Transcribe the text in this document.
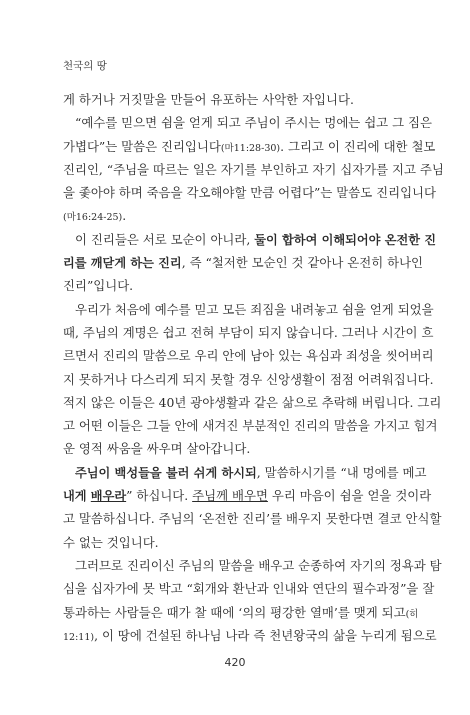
천국의 땅
게 하거나 거짓말을 만들어 유포하는 사악한 자입니다.
“예수를 믿으면 쉼을 얻게 되고 주님이 주시는 멍에는 쉽고 그 짐은
가볍다”는 말씀은 진리입니다(마11:28-30). 그리고 이 진리에 대한 철모
진리인, “주님을 따르는 일은 자기를 부인하고 자기 십자가를 지고 주님
을 좇아야 하며 죽음을 각오해야할 만큼 어렵다”는 말씀도 진리입니다
(마16:24-25).
이 진리들은 서로 모순이 아니라, 둘이 합하여 이해되어야 온전한 진
리를 깨닫게 하는 진리, 즉 “철저한 모순인 것 같아나 온전히 하나인
진리”입니다.
우리가 처음에 예수를 믿고 모든 죄짐을 내려놓고 쉼을 얻게 되었을
때, 주님의 계명은 쉽고 전혀 부담이 되지 않습니다. 그러나 시간이 흐
르면서 진리의 말씀으로 우리 안에 남아 있는 욕심과 죄성을 씻어버리
지 못하거나 다스리게 되지 못할 경우 신앙생활이 점점 어려워집니다.
적지 않은 이들은 40년 광야생활과 같은 삶으로 추락해 버립니다. 그리
고 어떤 이들은 그들 안에 새겨진 부분적인 진리의 말씀을 가지고 힘겨
운 영적 싸움을 싸우며 살아갑니다.
주님이 백성들을 불러 쉬게 하시되, 말씀하시기를 “내 멍에를 메고
내게 배우라” 하십니다. 주님께 배우면 우리 마음이 쉼을 얻을 것이라
고 말씀하십니다. 주님의 ‘온전한 진리’를 배우지 못한다면 결코 안식할
수 없는 것입니다.
그러므로 진리이신 주님의 말씀을 배우고 순종하여 자기의 정욕과 탐
심을 십자가에 못 박고 “회개와 환난과 인내와 연단의 필수과정”을 잘
통과하는 사람들은 때가 찰 때에 ‘의의 평강한 열매’를 맺게 되고(히
12:11), 이 땅에 건설된 하나님 나라 즉 천년왕국의 삶을 누리게 됨으로
420
